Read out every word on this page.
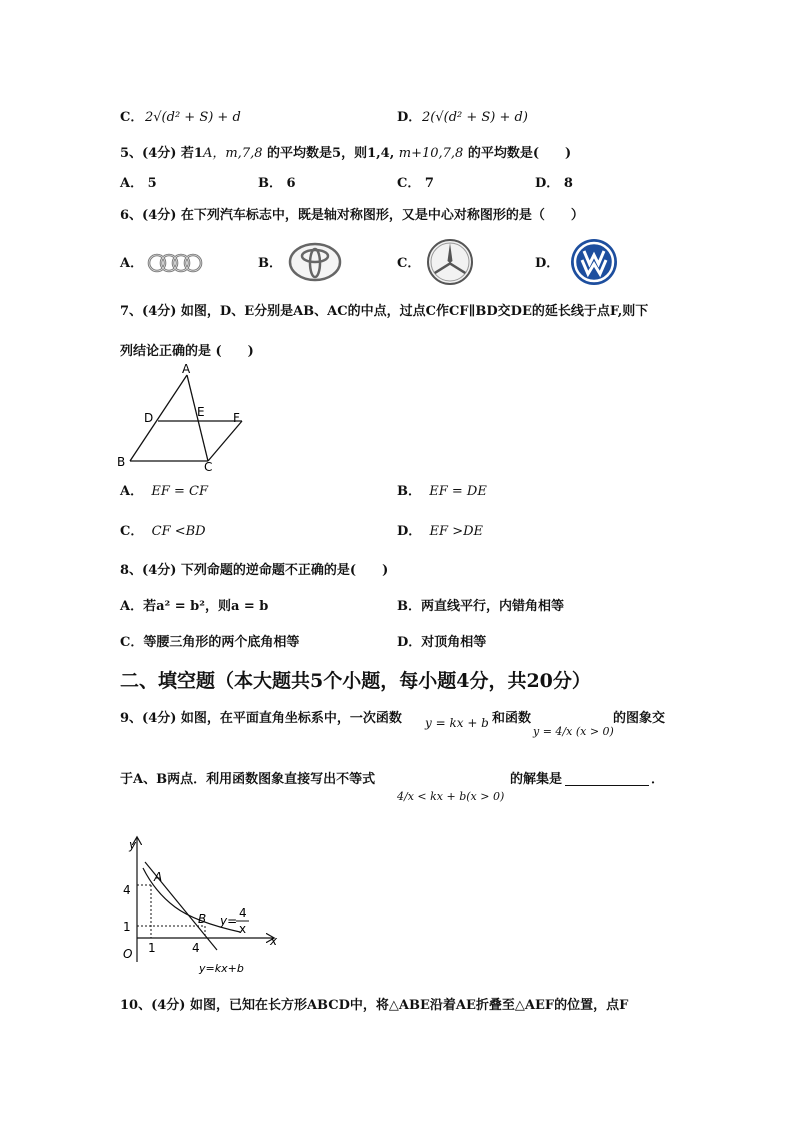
C． 2√(d² + S) + d	D． 2(√(d² + S) + d)
5、(4分) 若1A，m,7,8 的平均数是5，则1,4, m+10,7,8 的平均数是(　　)
A． 5	B． 6	C． 7	D． 8
6、(4分) 在下列汽车标志中，既是轴对称图形，又是中心对称图形的是（　　）
A．	B．	C．	D．
7、(4分) 如图，D、E分别是AB、AC的中点，过点C作CF∥BD交DE的延长线于点F,则下
列结论正确的是 (　　)
A
D	E F
B	C
A． EF = CF	B． EF = DE
C． CF <BD	D． EF >DE
8、(4分) 下列命题的逆命题不正确的是(　　)
A．若a² = b²，则a = b	B．两直线平行，内错角相等
C．等腰三角形的两个底角相等	D．对顶角相等
二、填空题（本大题共5个小题，每小题4分，共20分）
9、(4分) 如图，在平面直角坐标系中，一次函数 y = kx + b 和函数
y = 4/x (x > 0)
的图象交
于A、B两点．利用函数图象直接写出不等式
4/x < kx + b(x > 0)
的解集是	．
y
x
O
4
1
1	4
A
B y=
4
x
y=kx+b
10、(4分) 如图，已知在长方形ABCD中，将△ABE沿着AE折叠至△AEF的位置，点F
